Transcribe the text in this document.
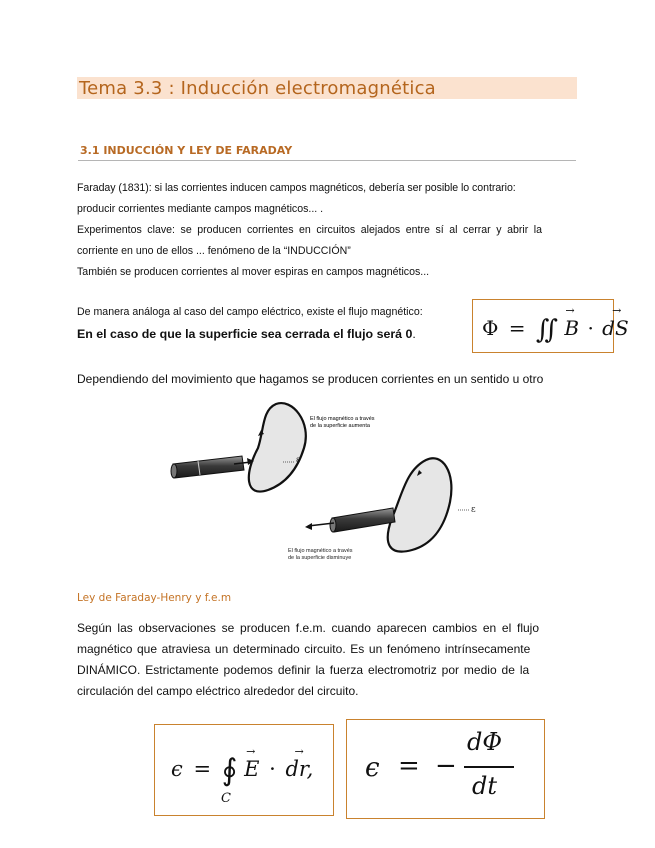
Tema 3.3 : Inducción electromagnética
3.1 INDUCCIÓN Y LEY DE FARADAY
Faraday (1831): si las corrientes inducen campos magnéticos, debería ser posible lo contrario:
producir corrientes mediante campos magnéticos... .
Experimentos clave: se producen corrientes en circuitos alejados entre sí al cerrar y abrir la
corriente en uno de ellos ... fenómeno de la “INDUCCIÓN”
También se producen corrientes al mover espiras en campos magnéticos...
De manera análoga al caso del campo eléctrico, existe el flujo magnético:
En el caso de que la superficie sea cerrada el flujo será 0.	Φ = ∬
→
B ·
→
dS
Dependiendo del movimiento que hagamos se producen corrientes en un sentido u otro
El flujo magnético a través
de la superficie aumenta
ε
El flujo magnético a través
de la superficie disminuye
ε
Ley de Faraday-Henry y f.e.m
Según las observaciones se producen f.e.m. cuando aparecen cambios en el flujo
magnético que atraviesa un determinado circuito. Es un fenómeno intrínsecamente
DINÁMICO. Estrictamente podemos definir la fuerza electromotriz por medio de la
circulación del campo eléctrico alrededor del circuito.
ϵ = ∮
→
E ·
→
dr,
C
ϵ = −
dΦ
dt
